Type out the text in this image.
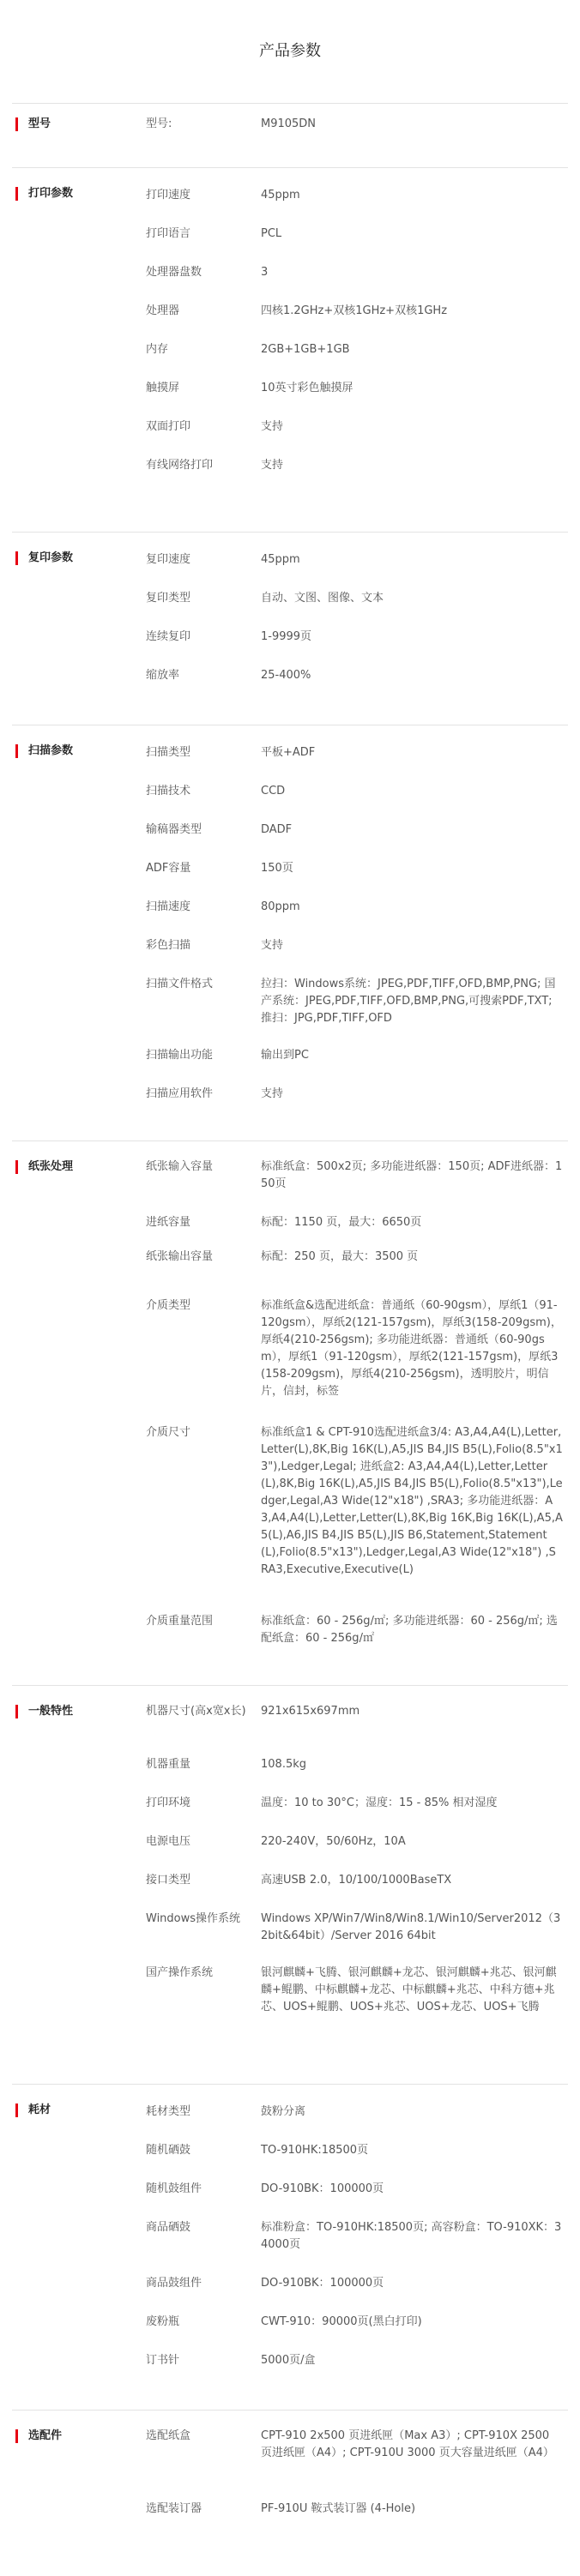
产品参数
型号	型号:	M9105DN
打印参数	打印速度	45ppm
打印语言	PCL
处理器盘数	3
处理器	四核1.2GHz+双核1GHz+双核1GHz
内存	2GB+1GB+1GB
触摸屏	10英寸彩色触摸屏
双面打印	支持
有线网络打印	支持
复印参数	复印速度	45ppm
复印类型	自动、文图、图像、文本
连续复印	1-9999页
缩放率	25-400%
扫描参数	扫描类型	平板+ADF
扫描技术	CCD
输稿器类型	DADF
ADF容量	150页
扫描速度	80ppm
彩色扫描	支持
扫描文件格式	拉扫：Windows系统：JPEG,PDF,TIFF,OFD,BMP,PNG; 国产系统：JPEG,PDF,TIFF,OFD,BMP,PNG,可搜索PDF,TXT; 推扫：JPG,PDF,TIFF,OFD
扫描输出功能	输出到PC
扫描应用软件	支持
纸张处理	纸张输入容量	标准纸盒：500x2页; 多功能进纸器：150页; ADF进纸器：150页
进纸容量	标配：1150 页，最大：6650页
纸张输出容量	标配：250 页，最大：3500 页
介质类型	标准纸盒&选配进纸盒：普通纸（60-90gsm），厚纸1（91-120gsm），厚纸2(121-157gsm)，厚纸3(158-209gsm)，厚纸4(210-256gsm); 多功能进纸器：普通纸（60-90gsm），厚纸1（91-120gsm），厚纸2(121-157gsm)，厚纸3(158-209gsm)，厚纸4(210-256gsm)，透明胶片，明信片，信封，标签
介质尺寸	标准纸盒1 & CPT-910选配进纸盒3/4: A3,A4,A4(L),Letter,Letter(L),8K,Big 16K(L),A5,JIS B4,JIS B5(L),Folio(8.5"x13"),Ledger,Legal; 进纸盒2: A3,A4,A4(L),Letter,Letter(L),8K,Big 16K(L),A5,JIS B4,JIS B5(L),Folio(8.5"x13"),Ledger,Legal,A3 Wide(12"x18") ,SRA3; 多功能进纸器：A3,A4,A4(L),Letter,Letter(L),8K,Big 16K,Big 16K(L),A5,A5(L),A6,JIS B4,JIS B5(L),JIS B6,Statement,Statement(L),Folio(8.5"x13"),Ledger,Legal,A3 Wide(12"x18") ,SRA3,Executive,Executive(L)
介质重量范围	标准纸盒：60 - 256g/㎡; 多功能进纸器：60 - 256g/㎡; 选配纸盒：60 - 256g/㎡
一般特性	机器尺寸(高x宽x长)	921x615x697mm
机器重量	108.5kg
打印环境	温度：10 to 30°C；湿度：15 - 85% 相对湿度
电源电压	220-240V，50/60Hz，10A
接口类型	高速USB 2.0，10/100/1000BaseTX
Windows操作系统	Windows XP/Win7/Win8/Win8.1/Win10/Server2012（32bit&64bit）/Server 2016 64bit
国产操作系统	银河麒麟+飞腾、银河麒麟+龙芯、银河麒麟+兆芯、银河麒麟+鲲鹏、中标麒麟+龙芯、中标麒麟+兆芯、中科方德+兆芯、UOS+鲲鹏、UOS+兆芯、UOS+龙芯、UOS+飞腾
耗材	耗材类型	鼓粉分离
随机硒鼓	TO-910HK:18500页
随机鼓组件	DO-910BK：100000页
商品硒鼓	标准粉盒：TO-910HK:18500页; 高容粉盒：TO-910XK：34000页
商品鼓组件	DO-910BK：100000页
废粉瓶	CWT-910：90000页(黑白打印)
订书针	5000页/盒
选配件	选配纸盒	CPT-910 2x500 页进纸匣（Max A3）; CPT-910X 2500 页进纸匣（A4）; CPT-910U 3000 页大容量进纸匣（A4）
选配装订器	PF-910U 鞍式装订器 (4-Hole)
